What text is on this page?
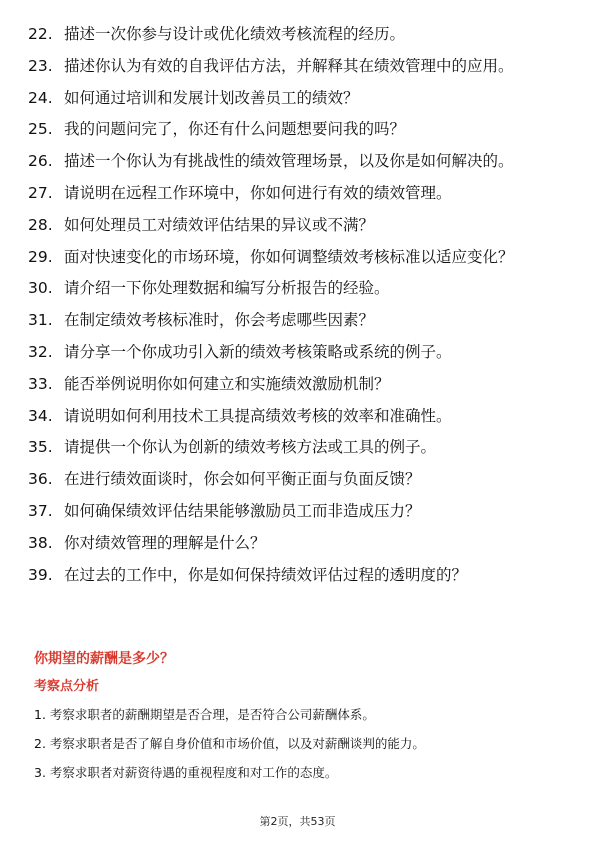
22. 描述一次你参与设计或优化绩效考核流程的经历。
23. 描述你认为有效的自我评估方法，并解释其在绩效管理中的应用。
24. 如何通过培训和发展计划改善员工的绩效？
25. 我的问题问完了，你还有什么问题想要问我的吗？
26. 描述一个你认为有挑战性的绩效管理场景，以及你是如何解决的。
27. 请说明在远程工作环境中，你如何进行有效的绩效管理。
28. 如何处理员工对绩效评估结果的异议或不满？
29. 面对快速变化的市场环境，你如何调整绩效考核标准以适应变化？
30. 请介绍一下你处理数据和编写分析报告的经验。
31. 在制定绩效考核标准时，你会考虑哪些因素？
32. 请分享一个你成功引入新的绩效考核策略或系统的例子。
33. 能否举例说明你如何建立和实施绩效激励机制？
34. 请说明如何利用技术工具提高绩效考核的效率和准确性。
35. 请提供一个你认为创新的绩效考核方法或工具的例子。
36. 在进行绩效面谈时，你会如何平衡正面与负面反馈？
37. 如何确保绩效评估结果能够激励员工而非造成压力？
38. 你对绩效管理的理解是什么？
39. 在过去的工作中，你是如何保持绩效评估过程的透明度的？
你期望的薪酬是多少？
考察点分析
1. 考察求职者的薪酬期望是否合理，是否符合公司薪酬体系。
2. 考察求职者是否了解自身价值和市场价值，以及对薪酬谈判的能力。
3. 考察求职者对薪资待遇的重视程度和对工作的态度。
第2页，共53页
